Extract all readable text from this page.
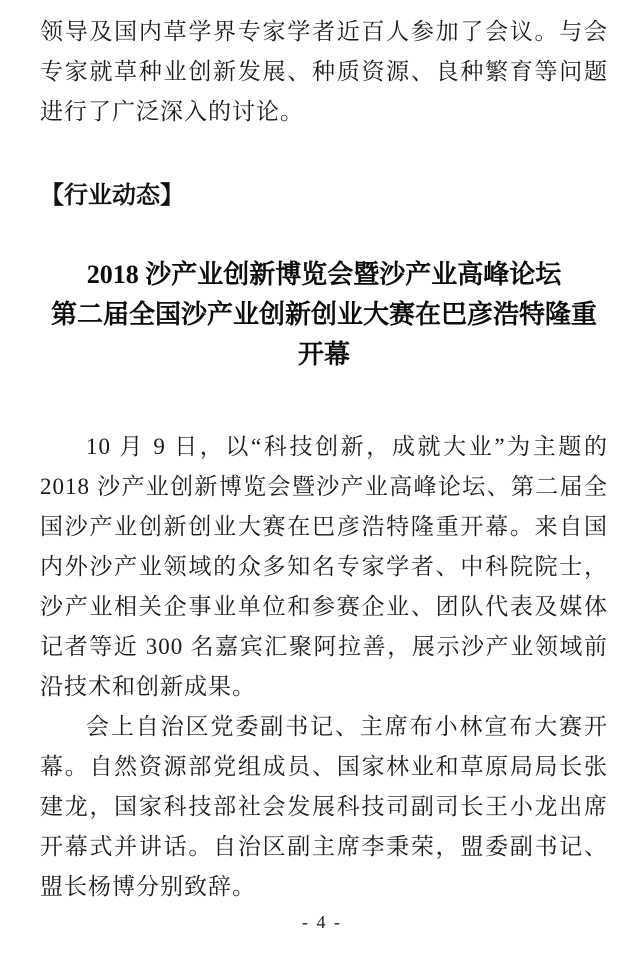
领导及国内草学界专家学者近百人参加了会议。与会专家就草种业创新发展、种质资源、良种繁育等问题进行了广泛深入的讨论。

【行业动态】
2018 沙产业创新博览会暨沙产业高峰论坛
第二届全国沙产业创新创业大赛在巴彦浩特隆重开幕

10 月 9 日，以“科技创新，成就大业”为主题的 2018 沙产业创新博览会暨沙产业高峰论坛、第二届全国沙产业创新创业大赛在巴彦浩特隆重开幕。来自国内外沙产业领域的众多知名专家学者、中科院院士，沙产业相关企事业单位和参赛企业、团队代表及媒体记者等近 300 名嘉宾汇聚阿拉善，展示沙产业领域前沿技术和创新成果。

会上自治区党委副书记、主席布小林宣布大赛开幕。自然资源部党组成员、国家林业和草原局局长张建龙，国家科技部社会发展科技司副司长王小龙出席开幕式并讲话。自治区副主席李秉荣，盟委副书记、盟长杨博分别致辞。

- 4 -
